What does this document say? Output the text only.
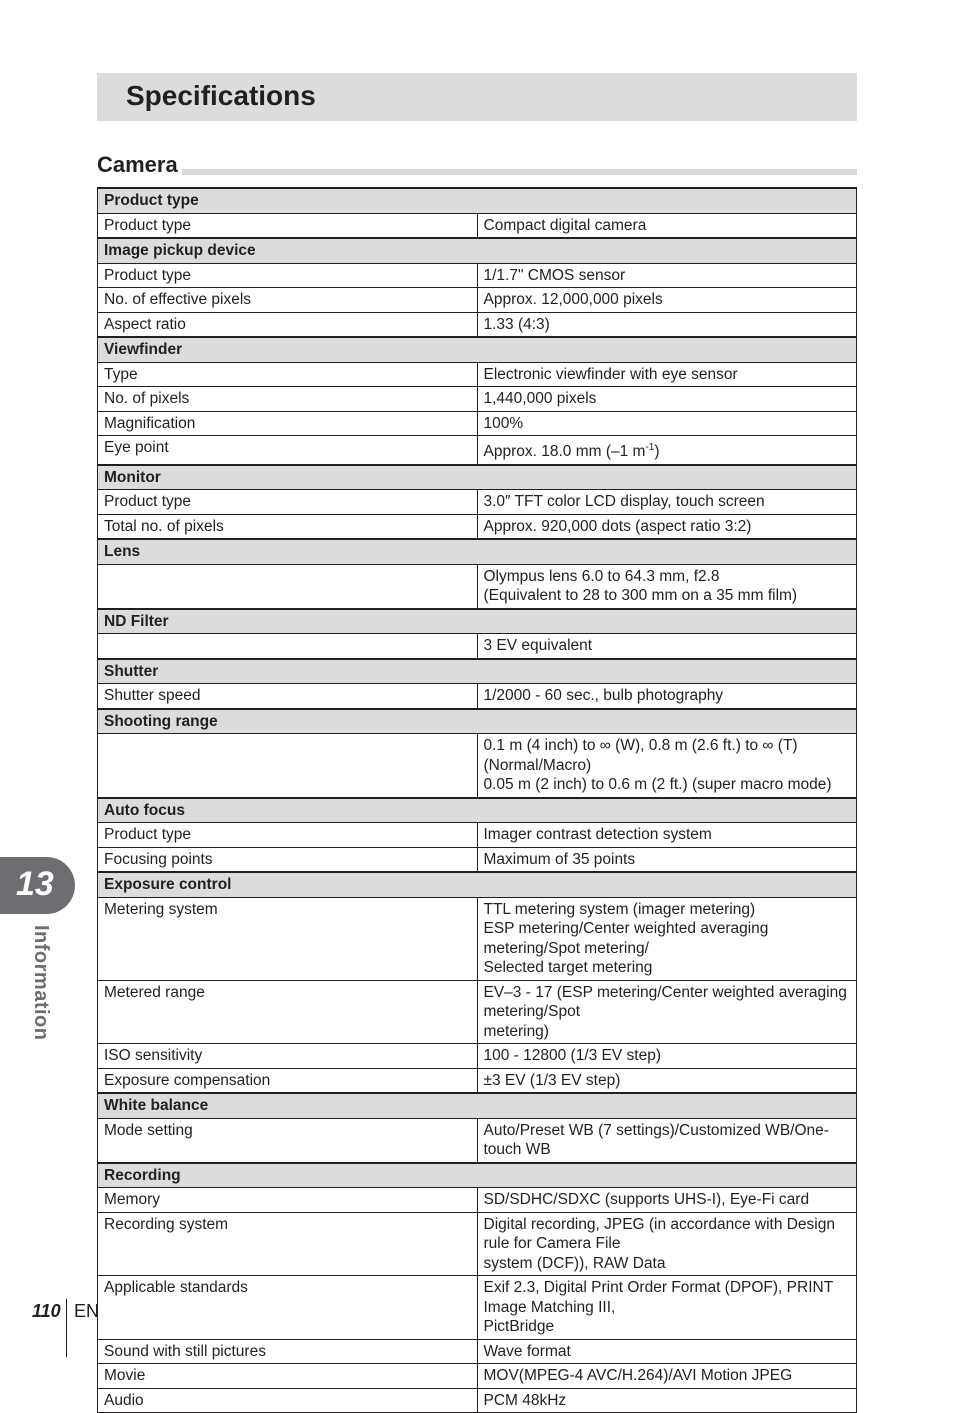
Specifications
Camera
Product type	
Product type	Compact digital camera
Image pickup device	
Product type	1/1.7" CMOS sensor
No. of effective pixels	Approx. 12,000,000 pixels
Aspect ratio	1.33 (4:3)
Viewfinder	
Type	Electronic viewfinder with eye sensor
No. of pixels	1,440,000 pixels
Magnification	100%
Eye point	Approx. 18.0 mm (–1 $m^{-1}$)
Monitor	
Product type	3.0″ TFT color LCD display, touch screen
Total no. of pixels	Approx. 920,000 dots (aspect ratio 3:2)
Lens	
	Olympus lens 6.0 to 64.3 mm, f2.8
(Equivalent to 28 to 300 mm on a 35 mm film)
ND Filter	
	3 EV equivalent
Shutter	
Shutter speed	1/2000 - 60 sec., bulb photography
Shooting range	
	0.1 m (4 inch) to ∞ (W), 0.8 m (2.6 ft.) to ∞ (T) (Normal/Macro)
0.05 m (2 inch) to 0.6 m (2 ft.) (super macro mode)
Auto focus	
Product type	Imager contrast detection system
Focusing points	Maximum of 35 points
Exposure control	
Metering system	TTL metering system (imager metering)
ESP metering/Center weighted averaging metering/Spot metering/
Selected target metering
Metered range	EV–3 - 17 (ESP metering/Center weighted averaging metering/Spot
metering)
ISO sensitivity	100 - 12800 (1/3 EV step)
Exposure compensation	±3 EV (1/3 EV step)
White balance	
Mode setting	Auto/Preset WB (7 settings)/Customized WB/One-touch WB
Recording	
Memory	SD/SDHC/SDXC (supports UHS-I), Eye-Fi card
Recording system	Digital recording, JPEG (in accordance with Design rule for Camera File
system (DCF)), RAW Data
Applicable standards	Exif 2.3, Digital Print Order Format (DPOF), PRINT Image Matching III,
PictBridge
Sound with still pictures	Wave format
Movie	MOV(MPEG-4 AVC/H.264)/AVI Motion JPEG
Audio	PCM 48kHz
13
Information
110 EN
